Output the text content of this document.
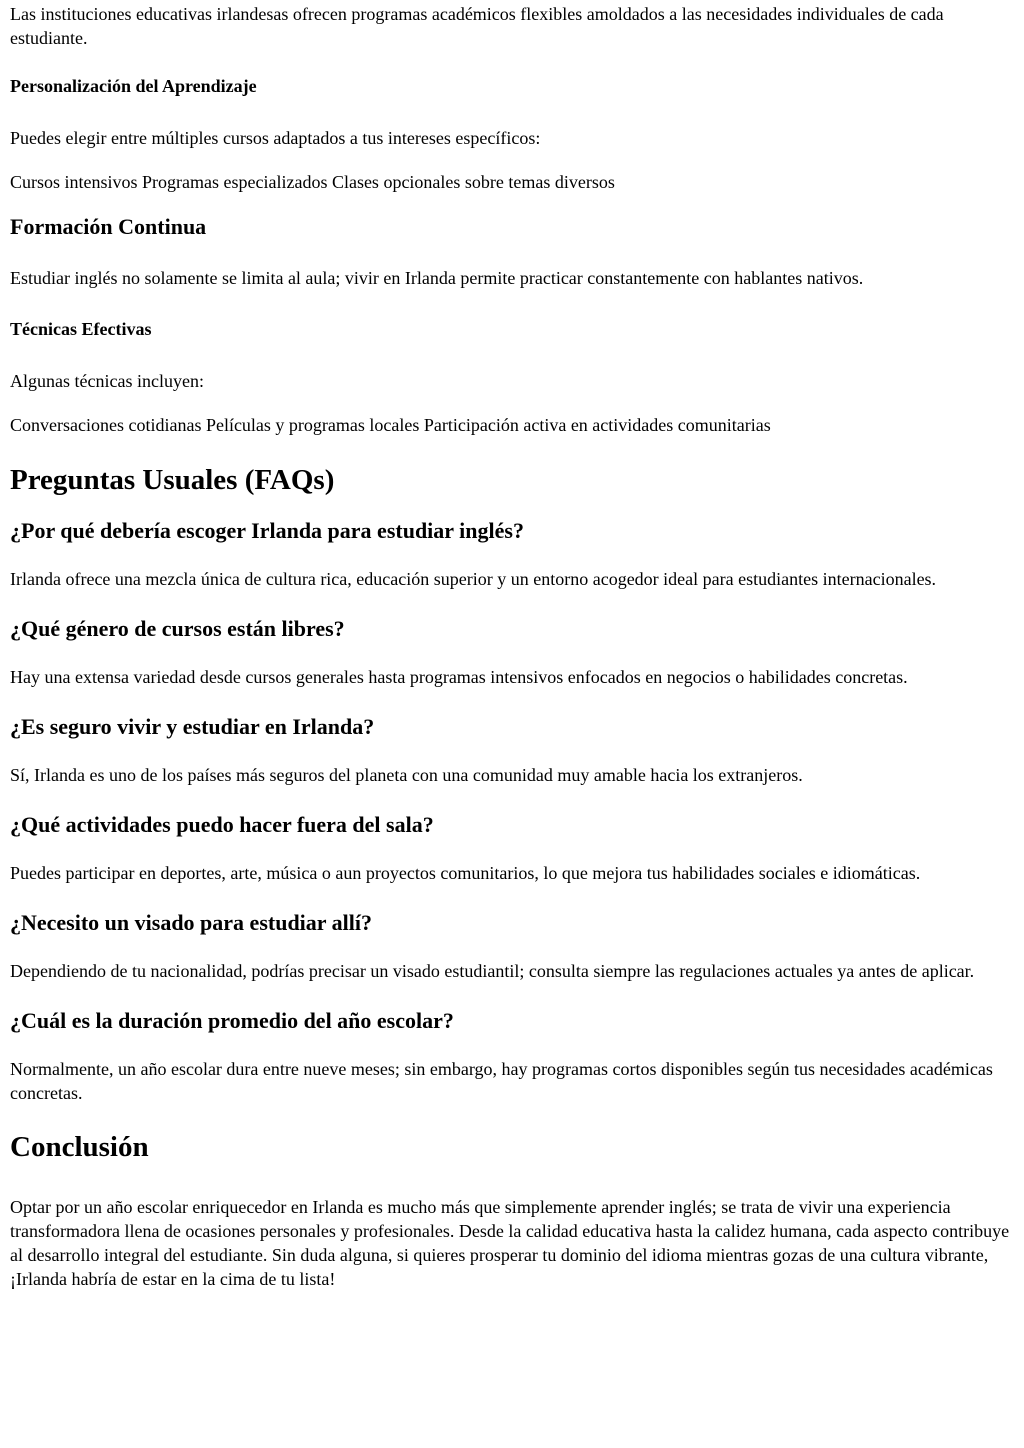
Las instituciones educativas irlandesas ofrecen programas académicos flexibles amoldados a las necesidades individuales de cada estudiante.

Personalización del Aprendizaje

Puedes elegir entre múltiples cursos adaptados a tus intereses específicos:

Cursos intensivos Programas especializados Clases opcionales sobre temas diversos

Formación Continua

Estudiar inglés no solamente se limita al aula; vivir en Irlanda permite practicar constantemente con hablantes nativos.

Técnicas Efectivas

Algunas técnicas incluyen:

Conversaciones cotidianas Películas y programas locales Participación activa en actividades comunitarias

Preguntas Usuales (FAQs)
¿Por qué debería escoger Irlanda para estudiar inglés?

Irlanda ofrece una mezcla única de cultura rica, educación superior y un entorno acogedor ideal para estudiantes internacionales.

¿Qué género de cursos están libres?

Hay una extensa variedad desde cursos generales hasta programas intensivos enfocados en negocios o habilidades concretas.

¿Es seguro vivir y estudiar en Irlanda?

Sí, Irlanda es uno de los países más seguros del planeta con una comunidad muy amable hacia los extranjeros.

¿Qué actividades puedo hacer fuera del sala?

Puedes participar en deportes, arte, música o aun proyectos comunitarios, lo que mejora tus habilidades sociales e idiomáticas.

¿Necesito un visado para estudiar allí?

Dependiendo de tu nacionalidad, podrías precisar un visado estudiantil; consulta siempre las regulaciones actuales ya antes de aplicar.

¿Cuál es la duración promedio del año escolar?

Normalmente, un año escolar dura entre nueve meses; sin embargo, hay programas cortos disponibles según tus necesidades académicas concretas.

Conclusión

Optar por un año escolar enriquecedor en Irlanda es mucho más que simplemente aprender inglés; se trata de vivir una experiencia transformadora llena de ocasiones personales y profesionales. Desde la calidad educativa hasta la calidez humana, cada aspecto contribuye al desarrollo integral del estudiante. Sin duda alguna, si quieres prosperar tu dominio del idioma mientras gozas de una cultura vibrante, ¡Irlanda habría de estar en la cima de tu lista!
